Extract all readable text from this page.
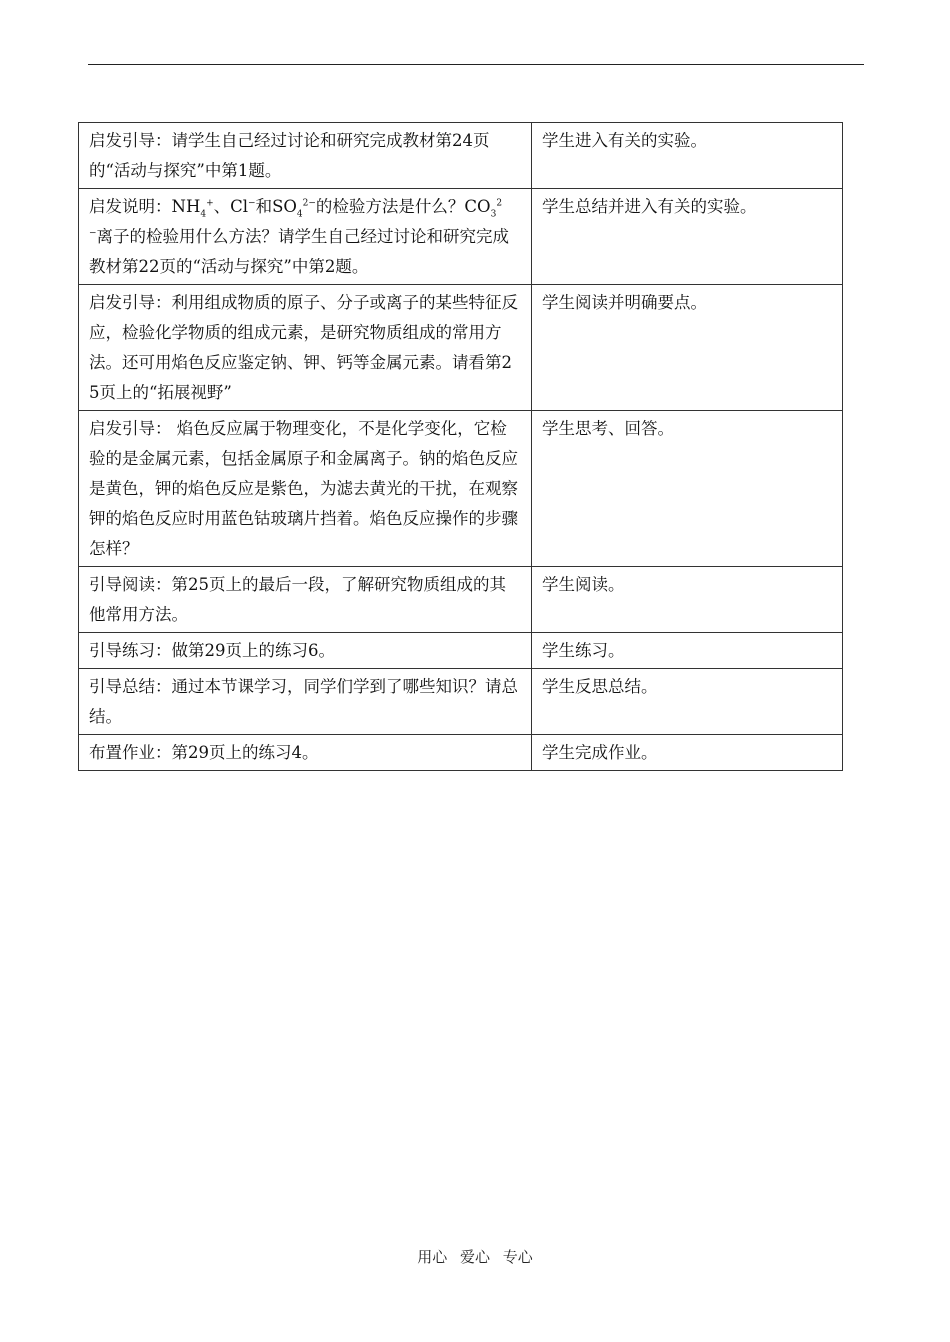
启发引导：请学生自己经过讨论和研究完成教材第24页的“活动与探究”中第1题。	学生进入有关的实验。
启发说明：$NH_4^+$、Cl−和$SO_4^{2-}$的检验方法是什么？$CO_3^{2-}$离子的检验用什么方法？请学生自己经过讨论和研究完成教材第22页的“活动与探究”中第2题。	学生总结并进入有关的实验。
启发引导：利用组成物质的原子、分子或离子的某些特征反应，检验化学物质的组成元素，是研究物质组成的常用方法。还可用焰色反应鉴定钠、钾、钙等金属元素。请看第25页上的“拓展视野”	学生阅读并明确要点。
启发引导： 焰色反应属于物理变化，不是化学变化，它检验的是金属元素，包括金属原子和金属离子。钠的焰色反应是黄色，钾的焰色反应是紫色，为滤去黄光的干扰，在观察钾的焰色反应时用蓝色钴玻璃片挡着。焰色反应操作的步骤怎样？	学生思考、回答。
引导阅读：第25页上的最后一段，了解研究物质组成的其他常用方法。	学生阅读。
引导练习：做第29页上的练习6。	学生练习。
引导总结：通过本节课学习，同学们学到了哪些知识？请总结。	学生反思总结。
布置作业：第29页上的练习4。	学生完成作业。
用心 爱心 专心
